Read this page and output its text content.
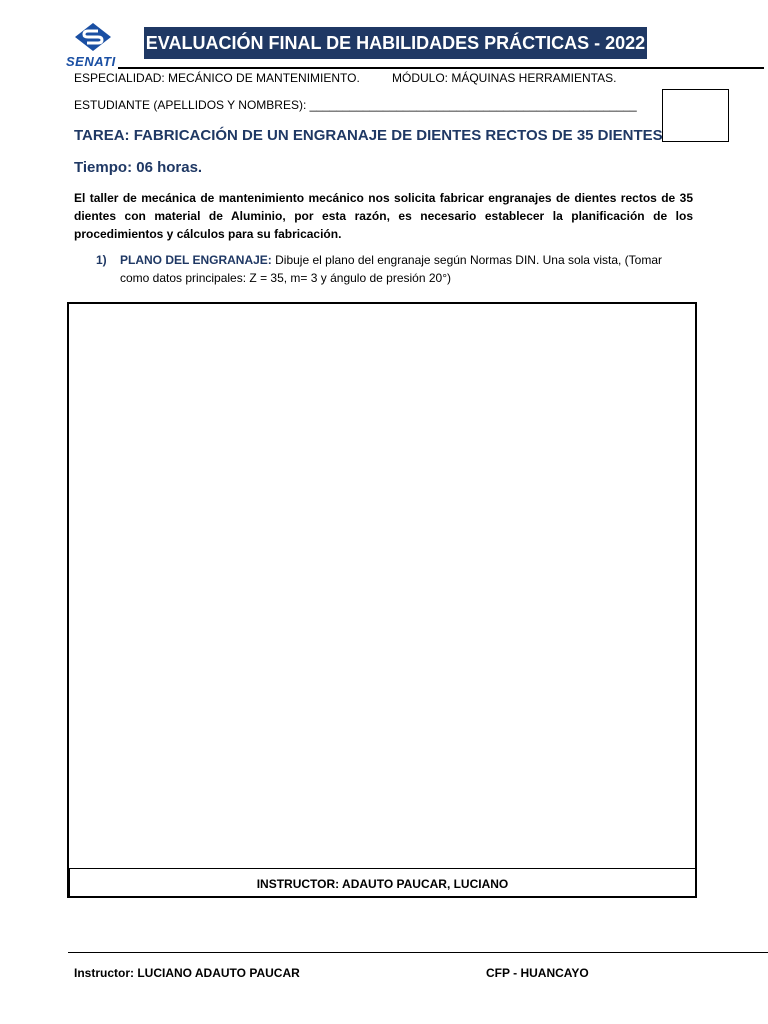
SENATI
EVALUACIÓN FINAL DE HABILIDADES PRÁCTICAS - 2022
ESPECIALIDAD: MECÁNICO DE MANTENIMIENTO.	MÓDULO: MÁQUINAS HERRAMIENTAS.
ESTUDIANTE (APELLIDOS Y NOMBRES): _________________________________________________
TAREA: FABRICACIÓN DE UN ENGRANAJE DE DIENTES RECTOS DE 35 DIENTES
Tiempo: 06 horas.
El taller de mecánica de mantenimiento mecánico nos solicita fabricar engranajes de dientes rectos de 35 dientes con material de Aluminio, por esta razón, es necesario establecer la planificación de los procedimientos y cálculos para su fabricación.
1) PLANO DEL ENGRANAJE: Dibuje el plano del engranaje según Normas DIN. Una sola vista, (Tomar
como datos principales: Z = 35, m= 3 y ángulo de presión 20°)
INSTRUCTOR: ADAUTO PAUCAR, LUCIANO
Instructor: LUCIANO ADAUTO PAUCAR	CFP - HUANCAYO
